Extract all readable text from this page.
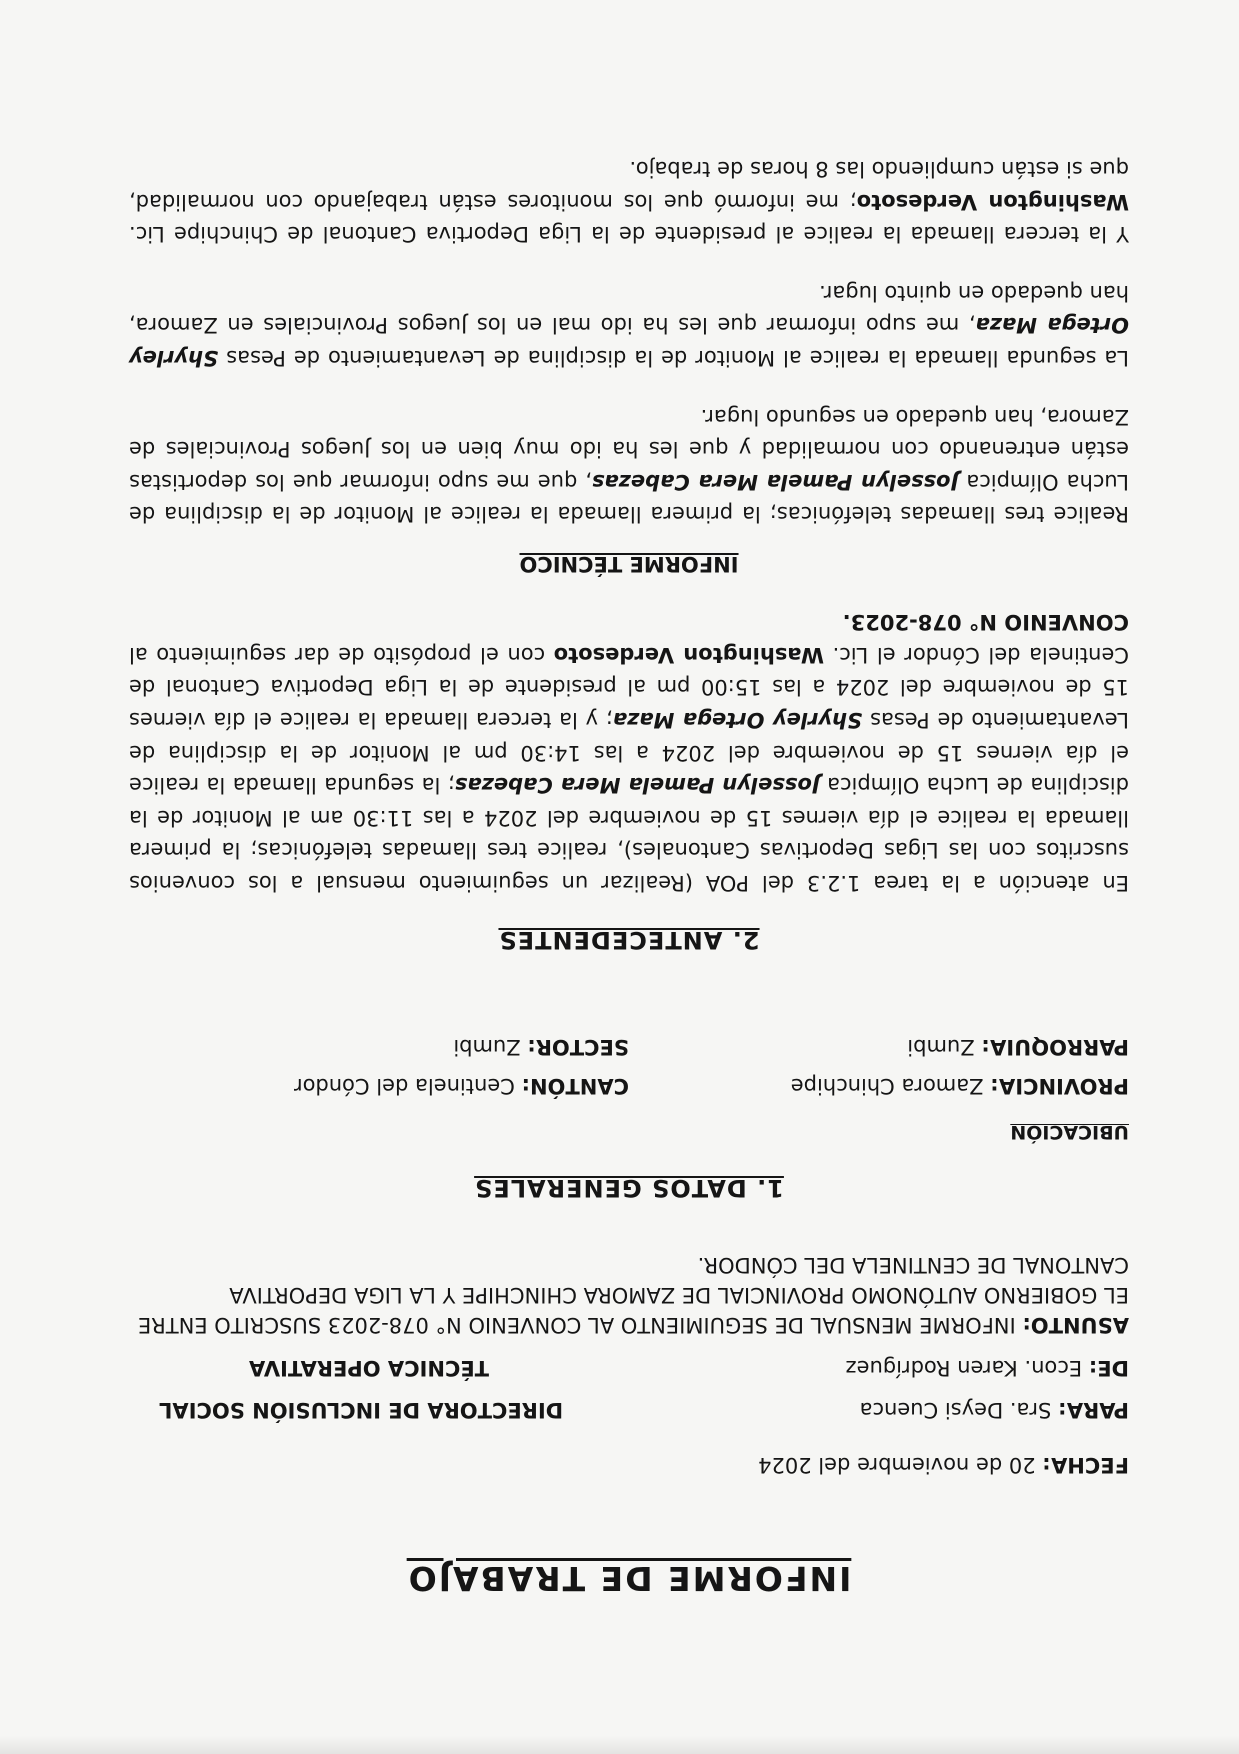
INFORME DE TRABAJO

FECHA: 20 de noviembre del 2024

PARA: Sra. Deysi Cuenca
DIRECTORA DE INCLUSIÓN SOCIAL
DE: Econ. Karen Rodríguez
TÉCNICA OPERATIVA

ASUNTO: INFORME MENSUAL DE SEGUIMIENTO AL CONVENIO N° 078-2023 SUSCRITO ENTRE EL GOBIERNO AUTÓNOMO PROVINCIAL DE ZAMORA CHINCHIPE Y LA LIGA DEPORTIVA CANTONAL DE CENTINELA DEL CÓNDOR.

1. DATOS GENERALES
UBICACIÓN
PROVINCIA: Zamora Chinchipe
CANTÓN: Centinela del Cóndor
PARROQUIA: Zumbi
SECTOR: Zumbi
2. ANTECEDENTES

En atención a la tarea 1.2.3 del POA (Realizar un seguimiento mensual a los convenios suscritos con las Ligas Deportivas Cantonales), realice tres llamadas telefónicas; la primera llamada la realice el día viernes 15 de noviembre del 2024 a las 11:30 am al Monitor de la disciplina de Lucha Olímpica Josselyn Pamela Mera Cabezas; la segunda llamada la realice el día viernes 15 de noviembre del 2024 a las 14:30 pm al Monitor de la disciplina de Levantamiento de Pesas Shyrley Ortega Maza; y la tercera llamada la realice el día viernes 15 de noviembre del 2024 a las 15:00 pm al presidente de la Liga Deportiva Cantonal de Centinela del Cóndor el Lic. Washington Verdesoto con el propósito de dar seguimiento al CONVENIO N° 078-2023.

INFORME TÉCNICO

Realice tres llamadas telefónicas; la primera llamada la realice al Monitor de la disciplina de Lucha Olímpica Josselyn Pamela Mera Cabezas, que me supo informar que los deportistas están entrenando con normalidad y que les ha ido muy bien en los Juegos Provinciales de Zamora, han quedado en segundo lugar.

La segunda llamada la realice al Monitor de la disciplina de Levantamiento de Pesas Shyrley Ortega Maza, me supo informar que les ha ido mal en los Juegos Provinciales en Zamora, han quedado en quinto lugar.

Y la tercera llamada la realice al presidente de la Liga Deportiva Cantonal de Chinchipe Lic. Washington Verdesoto; me informó que los monitores están trabajando con normalidad, que si están cumpliendo las 8 horas de trabajo.
